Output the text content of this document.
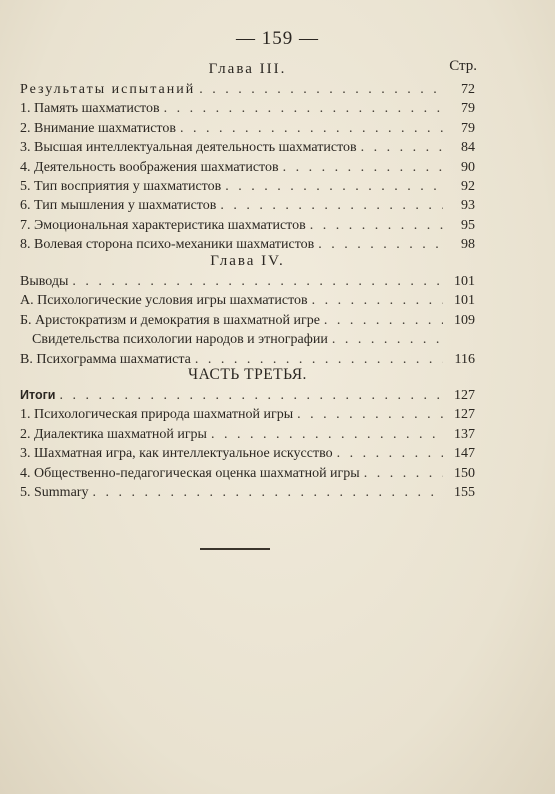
— 159 —
Стр.
Глава III.
Результаты испытаний . . .	72
1. Память шахматистов . . .	79
2. Внимание шахматистов . . .	79
3. Высшая интеллектуальная деятельность шахматистов . . .	84
4. Деятельность воображения шахматистов . . .	90
5. Тип восприятия у шахматистов . . .	92
6. Тип мышления у шахматистов . . .	93
7. Эмоциональная характеристика шахматистов . . .	95
8. Волевая сторона психо-механики шахматистов . . .	98
Глава IV.
Выводы . . .	101
А. Психологические условия игры шахматистов . . .	101
Б. Аристократизм и демократия в шахматной игре . . .	109
Свидетельства психологии народов и этнографии
. . .
В. Психограмма шахматиста . . .	116
ЧАСТЬ ТРЕТЬЯ.
Итоги . . .	127
1. Психологическая природа шахматной игры . . .	127
2. Диалектика шахматной игры . . .	137
3. Шахматная игра, как интеллектуальное искусство . . .	147
4. Общественно-педагогическая оценка шахматной игры . . .	150
5. Summary . . .	155
